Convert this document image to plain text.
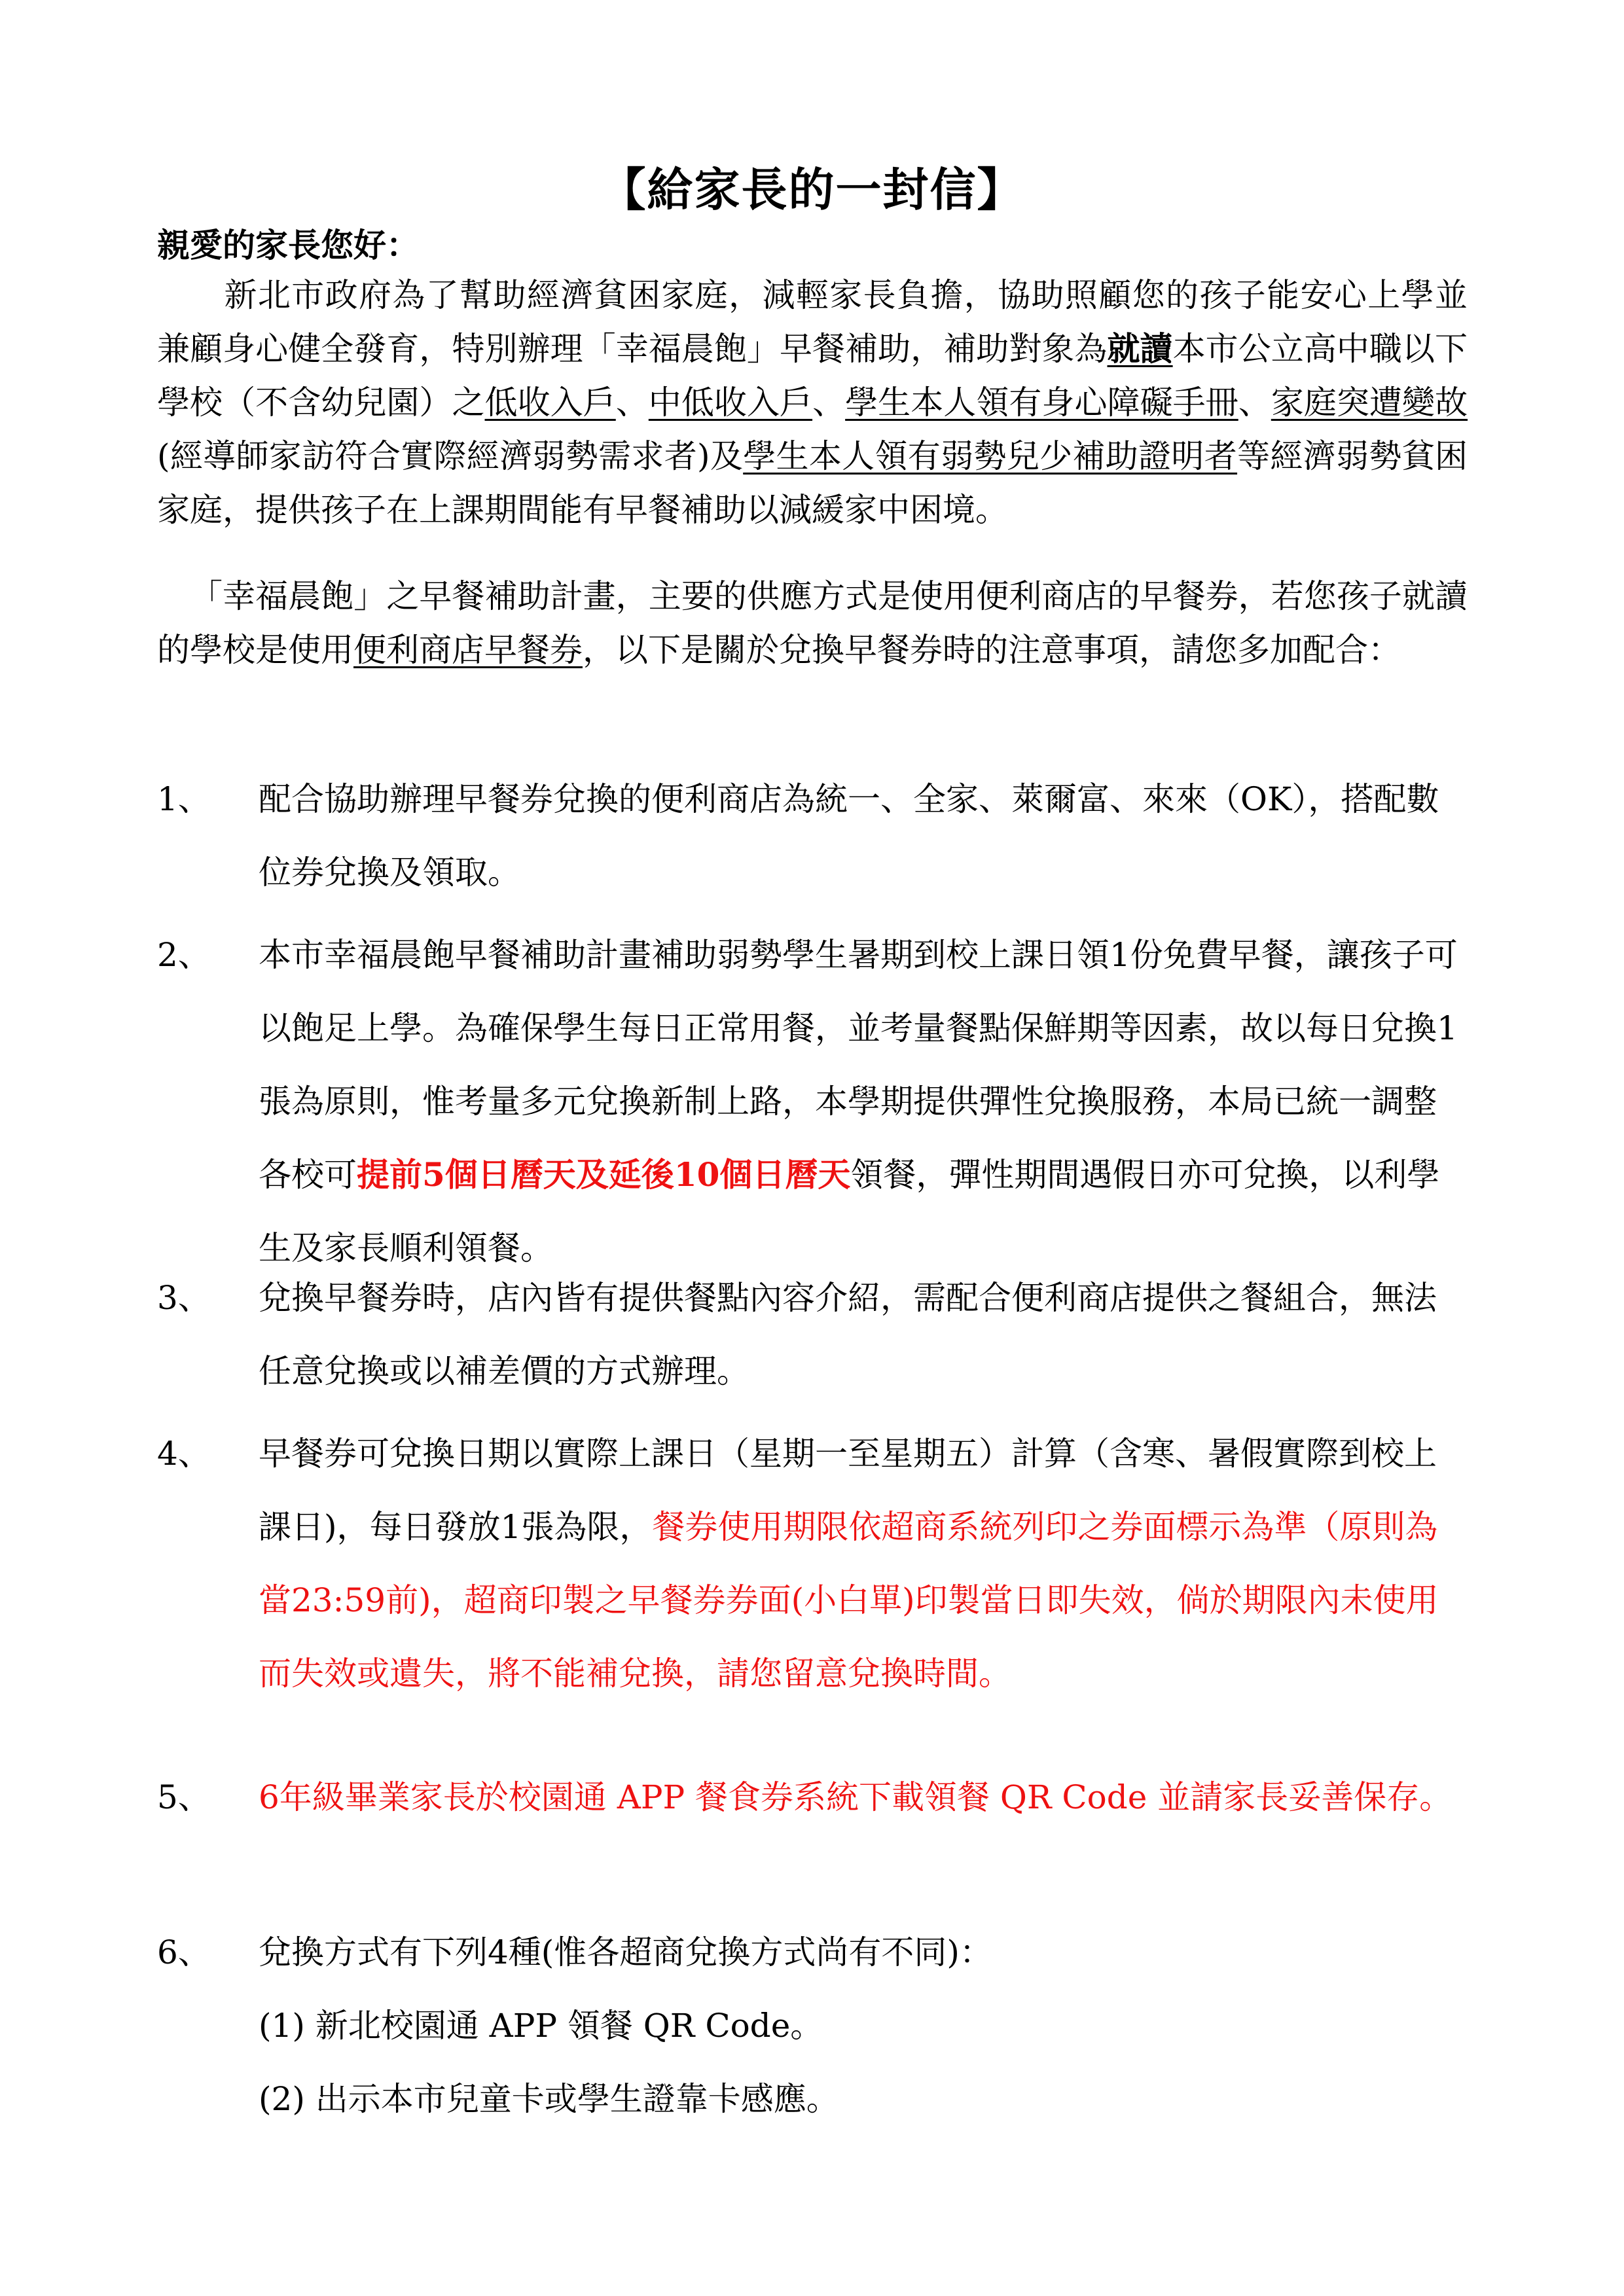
【給家長的一封信】
親愛的家長您好：
新北市政府為了幫助經濟貧困家庭，減輕家長負擔，協助照顧您的孩子能安心上學並兼顧身心健全發育，特別辦理「幸福晨飽」早餐補助，補助對象為就讀本市公立高中職以下學校（不含幼兒園）之低收入戶、中低收入戶、學生本人領有身心障礙手冊、家庭突遭變故(經導師家訪符合實際經濟弱勢需求者)及學生本人領有弱勢兒少補助證明者等經濟弱勢貧困家庭，提供孩子在上課期間能有早餐補助以減緩家中困境。
「幸福晨飽」之早餐補助計畫，主要的供應方式是使用便利商店的早餐券，若您孩子就讀的學校是使用便利商店早餐券，以下是關於兌換早餐券時的注意事項，請您多加配合：
1、	配合協助辦理早餐券兌換的便利商店為統一、全家、萊爾富、來來（OK），搭配數位券兌換及領取。
2、	本市幸福晨飽早餐補助計畫補助弱勢學生暑期到校上課日領1份免費早餐，讓孩子可以飽足上學。為確保學生每日正常用餐，並考量餐點保鮮期等因素，故以每日兌換1張為原則，惟考量多元兌換新制上路，本學期提供彈性兌換服務，本局已統一調整各校可提前5個日曆天及延後10個日曆天領餐，彈性期間遇假日亦可兌換，以利學生及家長順利領餐。
3、	兌換早餐券時，店內皆有提供餐點內容介紹，需配合便利商店提供之餐組合，無法任意兌換或以補差價的方式辦理。
4、	早餐券可兌換日期以實際上課日（星期一至星期五）計算（含寒、暑假實際到校上課日)，每日發放1張為限，餐券使用期限依超商系統列印之券面標示為準（原則為當23:59前)，超商印製之早餐券券面(小白單)印製當日即失效，倘於期限內未使用而失效或遺失，將不能補兌換，請您留意兌換時間。
5、	6年級畢業家長於校園通 APP 餐食券系統下載領餐 QR Code 並請家長妥善保存。
6、	兌換方式有下列4種(惟各超商兌換方式尚有不同)：
(1) 新北校園通 APP 領餐 QR Code。
(2) 出示本市兒童卡或學生證靠卡感應。
